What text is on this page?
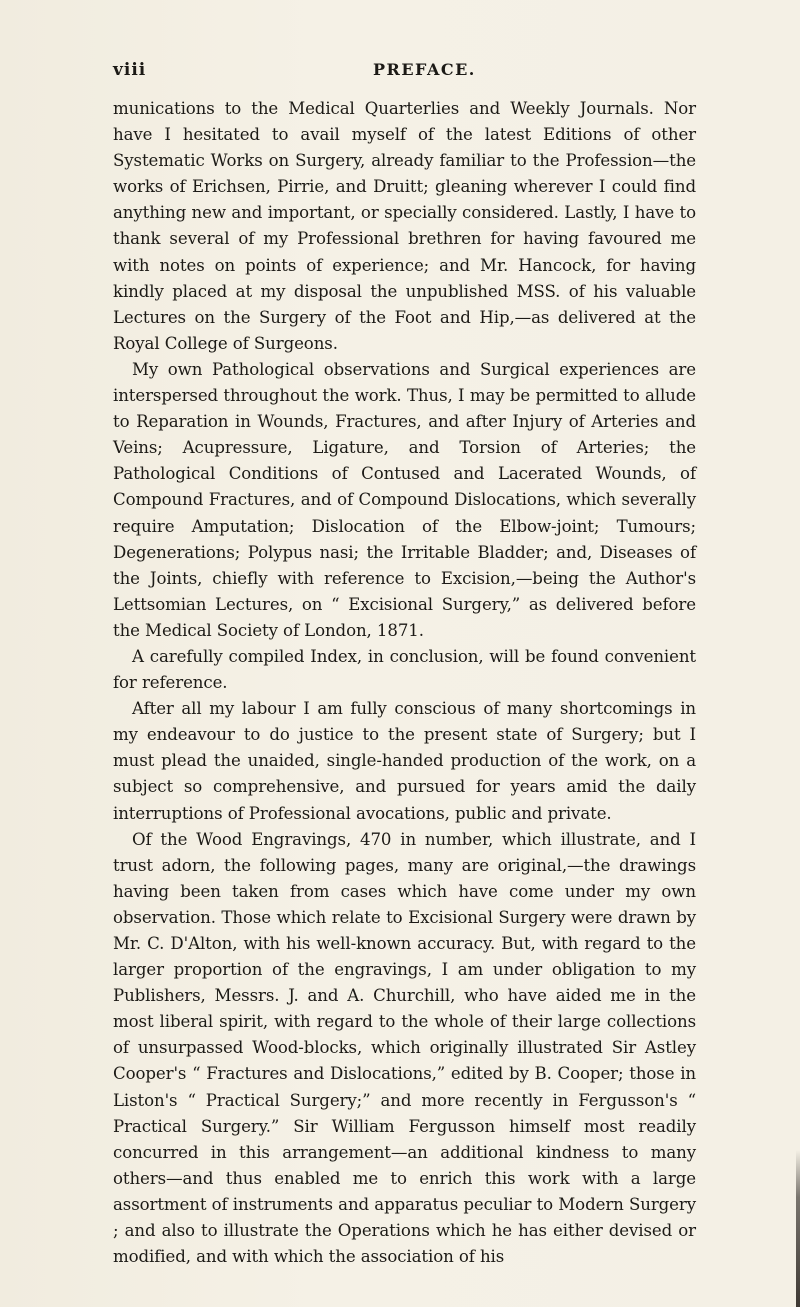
viii	PREFACE.

munications to the Medical Quarterlies and Weekly Journals. Nor have I hesitated to avail myself of the latest Editions of other Systematic Works on Surgery, already familiar to the Profession—the works of Erichsen, Pirrie, and Druitt; gleaning wherever I could find anything new and important, or specially considered. Lastly, I have to thank several of my Professional brethren for having favoured me with notes on points of experience; and Mr. Hancock, for having kindly placed at my disposal the unpublished MSS. of his valuable Lectures on the Surgery of the Foot and Hip,—as delivered at the Royal College of Surgeons.

My own Pathological observations and Surgical experiences are interspersed throughout the work. Thus, I may be permitted to allude to Reparation in Wounds, Fractures, and after Injury of Arteries and Veins; Acupressure, Ligature, and Torsion of Arteries; the Pathological Conditions of Contused and Lacerated Wounds, of Compound Fractures, and of Compound Dislocations, which severally require Amputation; Dislocation of the Elbow-joint; Tumours; Degenerations; Polypus nasi; the Irritable Bladder; and, Diseases of the Joints, chiefly with reference to Excision,—being the Author's Lettsomian Lectures, on “ Excisional Surgery,” as delivered before the Medical Society of London, 1871.

A carefully compiled Index, in conclusion, will be found convenient for reference.

After all my labour I am fully conscious of many shortcomings in my endeavour to do justice to the present state of Surgery; but I must plead the unaided, single-handed production of the work, on a subject so comprehensive, and pursued for years amid the daily interruptions of Professional avocations, public and private.

Of the Wood Engravings, 470 in number, which illustrate, and I trust adorn, the following pages, many are original,—the drawings having been taken from cases which have come under my own observation. Those which relate to Excisional Surgery were drawn by Mr. C. D'Alton, with his well-known accuracy. But, with regard to the larger proportion of the engravings, I am under obligation to my Publishers, Messrs. J. and A. Churchill, who have aided me in the most liberal spirit, with regard to the whole of their large collections of unsurpassed Wood-blocks, which originally illustrated Sir Astley Cooper's “ Fractures and Dislocations,” edited by B. Cooper; those in Liston's “ Practical Surgery;” and more recently in Fergusson's “ Practical Surgery.” Sir William Fergusson himself most readily concurred in this arrangement—an additional kindness to many others—and thus enabled me to enrich this work with a large assortment of instruments and apparatus peculiar to Modern Surgery ; and also to illustrate the Operations which he has either devised or modified, and with which the association of his
